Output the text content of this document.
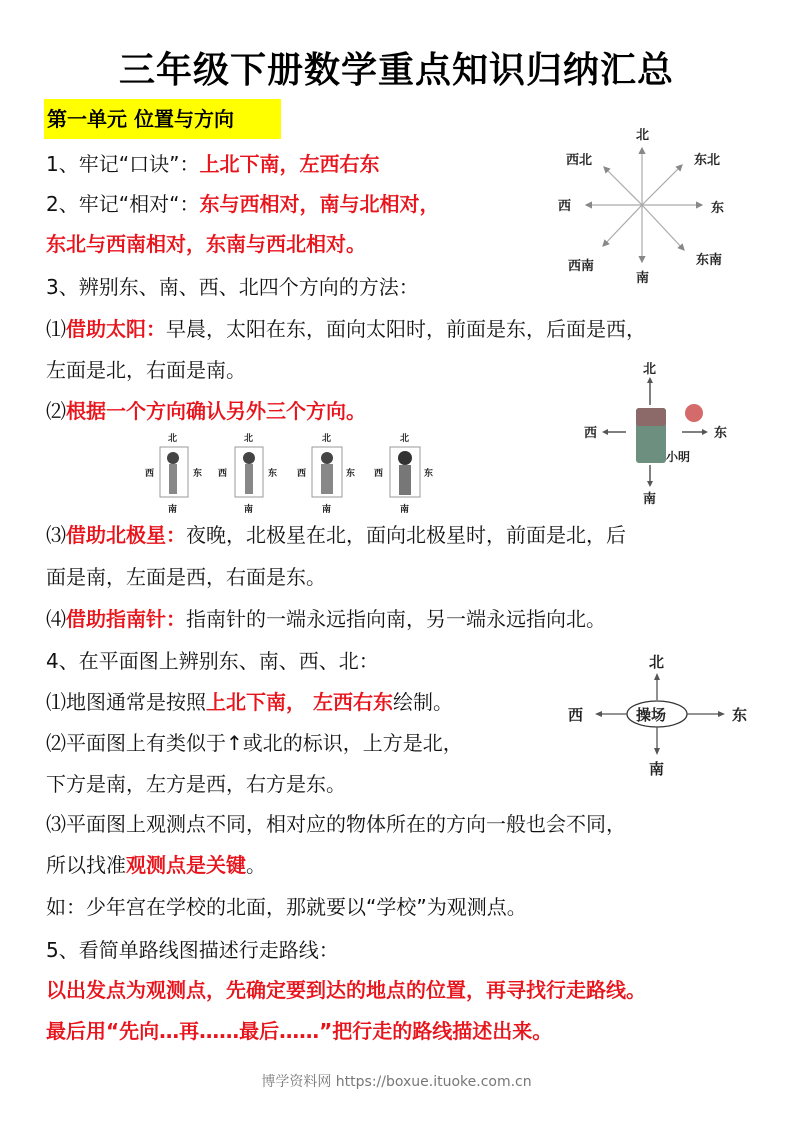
三年级下册数学重点知识归纳汇总
第一单元 位置与方向
1、牢记“口诀”：上北下南，左西右东
2、牢记“相对“：东与西相对，南与北相对，
东北与西南相对，东南与西北相对。
3、辨别东、南、西、北四个方向的方法：
⑴借助太阳：早晨，太阳在东，面向太阳时，前面是东，后面是西，
左面是北，右面是南。
⑵根据一个方向确认另外三个方向。
⑶借助北极星：夜晚，北极星在北，面向北极星时，前面是北，后
面是南，左面是西，右面是东。
⑷借助指南针：指南针的一端永远指向南，另一端永远指向北。
4、在平面图上辨别东、南、西、北：
⑴地图通常是按照上北下南， 左西右东绘制。
⑵平面图上有类似于↑或北的标识，上方是北，
下方是南，左方是西，右方是东。
⑶平面图上观测点不同，相对应的物体所在的方向一般也会不同，
所以找准观测点是关键。
如：少年宫在学校的北面，那就要以“学校”为观测点。
5、看简单路线图描述行走路线：
以出发点为观测点，先确定要到达的地点的位置，再寻找行走路线。
最后用“先向…再……最后……”把行走的路线描述出来。
北
西北	东北
西	东
西南	东南
南
北
西	东
小明
南
北
西	东
南
北
西	东
南
北
西	东
南
北
西	东
南
北
操场
西	东
南
博学资料网 https://boxue.ituoke.com.cn
